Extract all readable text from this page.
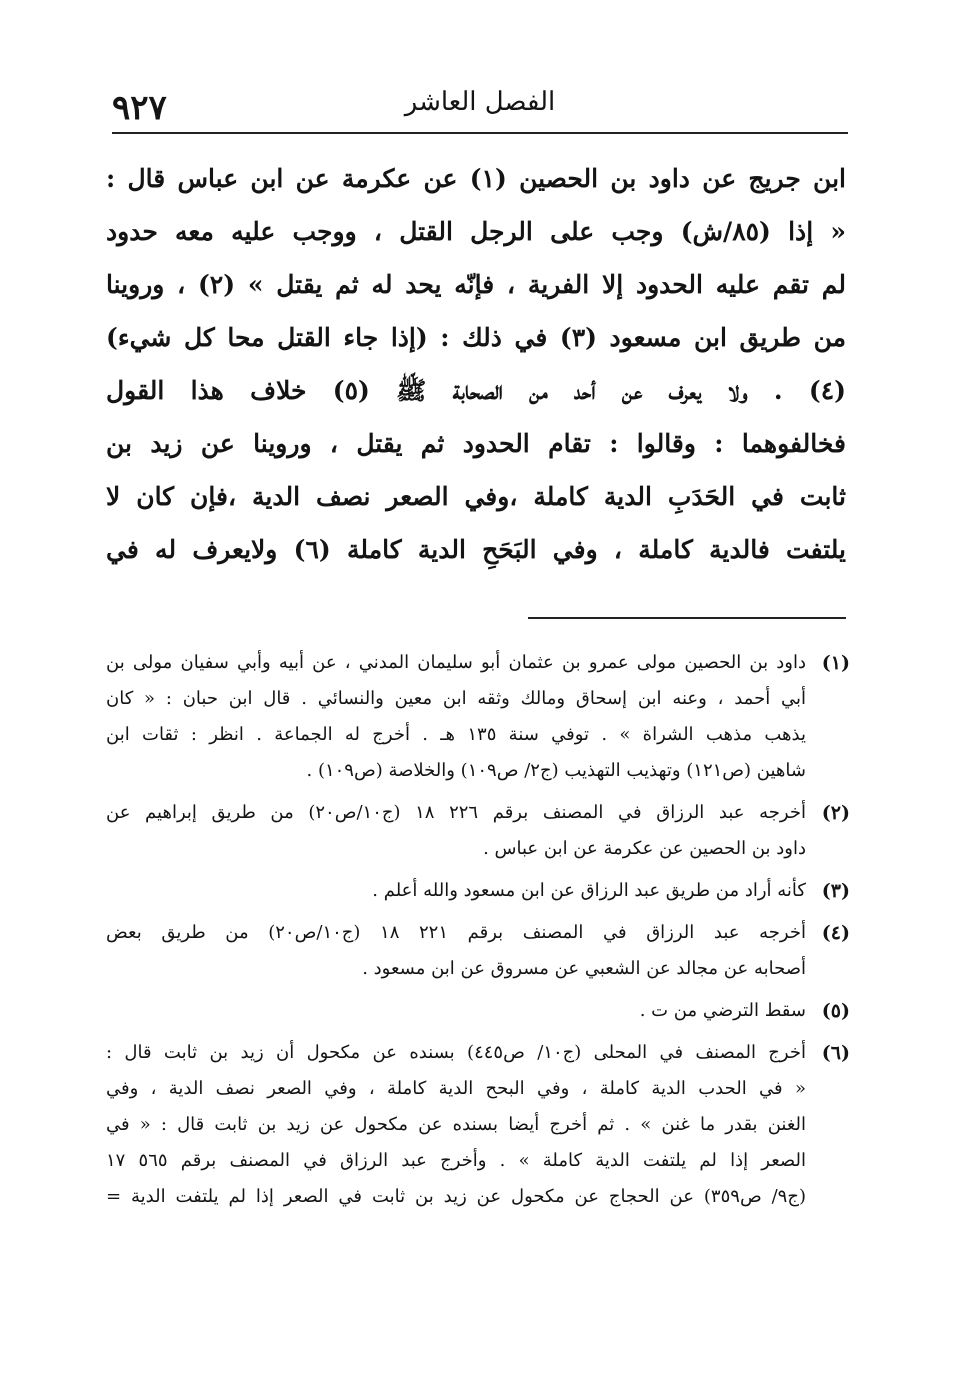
٩٢٧	الفصل العاشر
ابن جريج عن داود بن الحصين (١) عن عكرمة عن ابن عباس قال :
« إذا (٨٥/ش) وجب على الرجل القتل ، ووجب عليه معه حدود
لم تقم عليه الحدود إلا الفرية ، فإنّه يحد له ثم يقتل » (٢) ، وروينا
من طريق ابن مسعود (٣) في ذلك : (إذا جاء القتل محا كل شيء)
(٤) . ولا يعرف عن أحد من الصحابة ﷺ (٥) خلاف هذا القول
فخالفوهما : وقالوا : تقام الحدود ثم يقتل ، وروينا عن زيد بن
ثابت في الحَدَبِ الدية كاملة ،وفي الصعر نصف الدية ،فإن كان لا
يلتفت فالدية كاملة ، وفي البَحَحِ الدية كاملة (٦) ولايعرف له في
(١)
داود بن الحصين مولى عمرو بن عثمان أبو سليمان المدني ، عن أبيه وأبي سفيان مولى بن
أبي أحمد ، وعنه ابن إسحاق ومالك وثقه ابن معين والنسائي . قال ابن حبان : « كان
يذهب مذهب الشراة » . توفي سنة ١٣٥ هـ . أخرج له الجماعة . انظر : ثقات ابن
شاهين (ص١٢١) وتهذيب التهذيب (ج٢/ ص١٠٩) والخلاصة (ص١٠٩) .
(٢)
أخرجه عبد الرزاق في المصنف برقم ٢٢٦ ١٨ (ج١٠/ص٢٠) من طريق إبراهيم عن
داود بن الحصين عن عكرمة عن ابن عباس .
(٣)
كأنه أراد من طريق عبد الرزاق عن ابن مسعود والله أعلم .
(٤)
أخرجه عبد الرزاق في المصنف برقم ٢٢١ ١٨ (ج١٠/ص٢٠) من طريق بعض
أصحابه عن مجالد عن الشعبي عن مسروق عن ابن مسعود .
(٥)
سقط الترضي من ت .
(٦)
أخرج المصنف في المحلى (ج١٠/ ص٤٤٥) بسنده عن مكحول أن زيد بن ثابت قال :
« في الحدب الدية كاملة ، وفي البحح الدية كاملة ، وفي الصعر نصف الدية ، وفي
الغنن بقدر ما غنن » . ثم أخرج أيضا بسنده عن مكحول عن زيد بن ثابت قال : « في
الصعر إذا لم يلتفت الدية كاملة » . وأخرج عبد الرزاق في المصنف برقم ٥٦٥ ١٧
(ج٩/ ص٣٥٩) عن الحجاج عن مكحول عن زيد بن ثابت في الصعر إذا لم يلتفت الدية =
